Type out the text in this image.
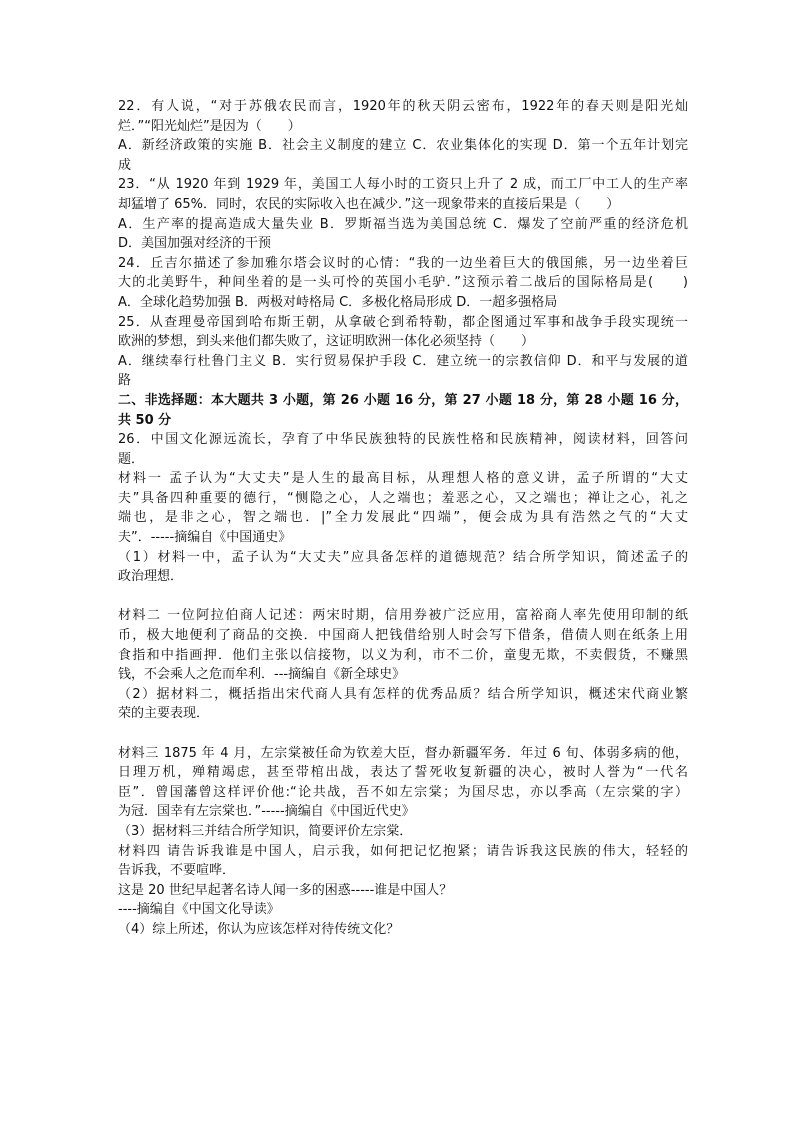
22．有人说，“对于苏俄农民而言，1920年的秋天阴云密布，1922年的春天则是阳光灿

烂．”“阳光灿烂”是因为（　　）

A．新经济政策的实施 B．社会主义制度的建立 C．农业集体化的实现 D．第一个五年计划完

成

23．“从 1920 年到 1929 年，美国工人每小时的工资只上升了 2 成，而工厂中工人的生产率

却猛增了 65%．同时，农民的实际收入也在减少．”这一现象带来的直接后果是（　　）

A．生产率的提高造成大量失业 B．罗斯福当选为美国总统 C．爆发了空前严重的经济危机

D．美国加强对经济的干预

24．丘吉尔描述了参加雅尔塔会议时的心情：“我的一边坐着巨大的俄国熊，另一边坐着巨

大的北美野牛，种间坐着的是一头可怜的英国小毛驴．”这预示着二战后的国际格局是(　　)

A．全球化趋势加强 B．两极对峙格局 C．多极化格局形成 D．一超多强格局

25．从查理曼帝国到哈布斯王朝，从拿破仑到希特勒，都企图通过军事和战争手段实现统一

欧洲的梦想，到头来他们都失败了，这证明欧洲一体化必须坚持（　　）

A．继续奉行杜鲁门主义 B．实行贸易保护手段 C．建立统一的宗教信仰 D．和平与发展的道

路

二、非选择题：本大题共 3 小题，第 26 小题 16 分，第 27 小题 18 分，第 28 小题 16 分，

共 50 分

26．中国文化源远流长，孕育了中华民族独特的民族性格和民族精神，阅读材料，回答问

题．

材料一 孟子认为“大丈夫”是人生的最高目标，从理想人格的意义讲，孟子所谓的“大丈

夫”具备四种重要的德行，“恻隐之心，人之端也；羞恶之心，又之端也；禅让之心，礼之

端也，是非之心，智之端也．|”全力发展此“四端”，便会成为具有浩然之气的“大丈

夫”．-----摘编自《中国通史》

（1）材料一中，孟子认为“大丈夫”应具备怎样的道德规范？结合所学知识，简述孟子的

政治理想．

材料二 一位阿拉伯商人记述：两宋时期，信用券被广泛应用，富裕商人率先使用印制的纸

币，极大地便利了商品的交换．中国商人把钱借给别人时会写下借条，借债人则在纸条上用

食指和中指画押．他们主张以信接物，以义为利，市不二价，童叟无欺，不卖假货，不赚黑

钱，不会乘人之危而牟利．---摘编自《新全球史》

（2）据材料二，概括指出宋代商人具有怎样的优秀品质？结合所学知识，概述宋代商业繁

荣的主要表现．

材料三 1875 年 4 月，左宗棠被任命为钦差大臣，督办新疆军务．年过 6 旬、体弱多病的他，

日理万机，殚精竭虑，甚至带棺出战，表达了誓死收复新疆的决心，被时人誉为“一代名

臣”．曾国藩曾这样评价他:“论共战，吾不如左宗棠；为国尽忠，亦以季高（左宗棠的字）

为冠．国幸有左宗棠也．”-----摘编自《中国近代史》

（3）据材料三并结合所学知识，简要评价左宗棠．

材料四 请告诉我谁是中国人，启示我，如何把记忆抱紧；请告诉我这民族的伟大，轻轻的

告诉我，不要喧哗．

这是 20 世纪早起著名诗人闻一多的困惑-----谁是中国人？

----摘编自《中国文化导读》

（4）综上所述，你认为应该怎样对待传统文化？
